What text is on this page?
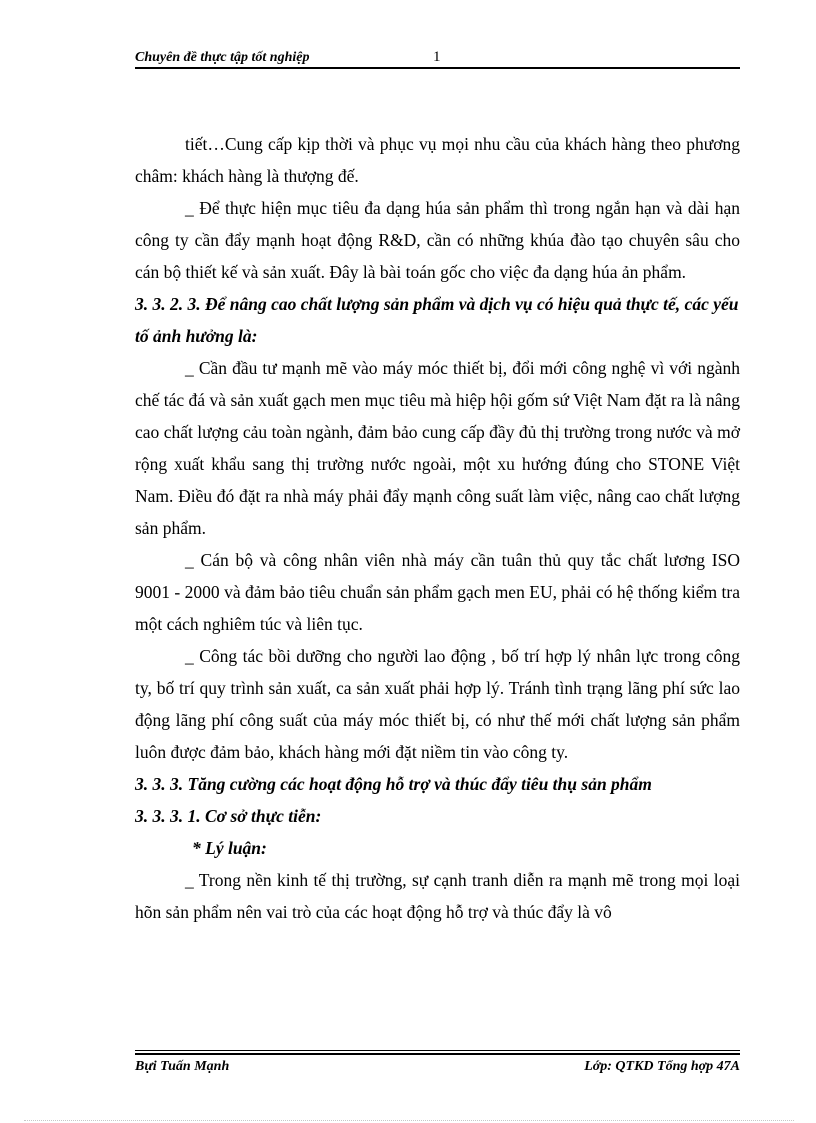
Chuyên đề thực tập tốt nghiệp	1

tiết…Cung cấp kịp thời và phục vụ mọi nhu cầu của khách hàng theo phương châm: khách hàng là thượng đế.

_ Để thực hiện mục tiêu đa dạng húa sản phẩm thì trong ngắn hạn và dài hạn công ty cần đẩy mạnh hoạt động R&D, cần có những khúa đào tạo chuyên sâu cho cán bộ thiết kế và sản xuất. Đây là bài toán gốc cho việc đa dạng húa ản phẩm.

3. 3. 2. 3. Để nâng cao chất lượng sản phẩm và dịch vụ có hiệu quả thực tế, các yếu tố ảnh hưởng là:

_ Cần đầu tư mạnh mẽ vào máy móc thiết bị, đổi mới công nghệ vì với ngành chế tác đá và sản xuất gạch men mục tiêu mà hiệp hội gốm sứ Việt Nam đặt ra là nâng cao chất lượng cảu toàn ngành, đảm bảo cung cấp đầy đủ thị trường trong nước và mở rộng xuất khẩu sang thị trường nước ngoài, một xu hướng đúng cho STONE Việt Nam. Điều đó đặt ra nhà máy phải đẩy mạnh công suất làm việc, nâng cao chất lượng sản phẩm.

_ Cán bộ và công nhân viên nhà máy cần tuân thủ quy tắc chất lương ISO 9001 - 2000 và đảm bảo tiêu chuẩn sản phẩm gạch men EU, phải có hệ thống kiểm tra một cách nghiêm túc và liên tục.

_ Công tác bồi dưỡng cho người lao động , bố trí hợp lý nhân lực trong công ty, bố trí quy trình sản xuất, ca sản xuất phải hợp lý. Tránh tình trạng lãng phí sức lao động lãng phí công suất của máy móc thiết bị, có như thế mới chất lượng sản phẩm luôn được đảm bảo, khách hàng mới đặt niềm tin vào công ty.

3. 3. 3. Tăng cường các hoạt động hỗ trợ và thúc đẩy tiêu thụ sản phẩm

3. 3. 3. 1. Cơ sở thực tiễn:

* Lý luận:

_ Trong nền kinh tế thị trường, sự cạnh tranh diễn ra mạnh mẽ trong mọi loại hõn sản phẩm nên vai trò của các hoạt động hỗ trợ và thúc đẩy là vô

Bựi Tuấn Mạnh	Lớp: QTKD Tổng hợp 47A
